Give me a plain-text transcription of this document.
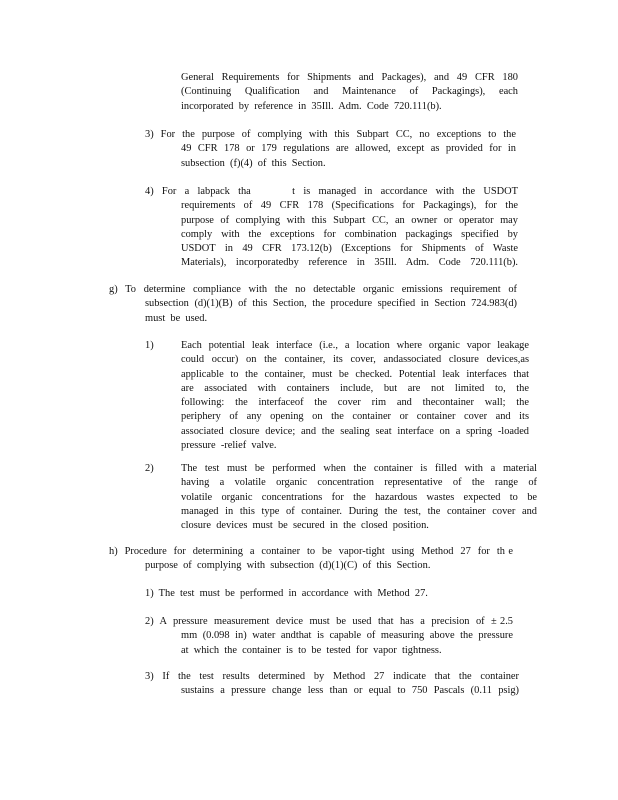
General  Requirements  for  Shipments  and  Packages),  and  49  CFR  180
(Continuing  Qualification  and  Maintenance  of  Packagings),  each
incorporated  by  reference  in  35Ill.  Adm.  Code  720.111(b).
3)  For  the  purpose  of  complying  with  this  Subpart  CC,  no  exceptions  to  the
49  CFR  178  or  179  regulations  are  allowed,  except  as  provided  for  in
subsection  (f)(4)  of  this  Section.
4)  For  a  labpack  tha          t  is  managed  in  accordance  with  the  USDOT
requirements  of  49  CFR  178  (Specifications  for  Packagings),  for  the
purpose  of  complying  with  this  Subpart  CC,  an  owner  or  operator  may
comply  with  the  exceptions  for  combination  packagings  specified  by
USDOT  in  49  CFR  173.12(b)  (Exceptions  for  Shipments  of  Waste
Materials),  incorporatedby  reference  in  35Ill.  Adm.  Code  720.111(b).
g)  To  determine  compliance  with  the  no  detectable  organic  emissions  requirement  of
subsection  (d)(1)(B)  of  this  Section,  the  procedure  specified  in  Section  724.983(d)
must  be  used.
1)	Each  potential  leak  interface  (i.e.,  a  location  where  organic  vapor  leakage
could  occur)  on  the  container,  its  cover,  andassociated  closure  devices,as
applicable  to  the  container,  must  be  checked.  Potential  leak  interfaces  that
are  associated  with  containers  include,  but  are  not  limited  to,  the
following:  the  interfaceof  the  cover  rim  and  thecontainer  wall;  the
periphery  of  any  opening  on  the  container  or  container  cover  and  its
associated  closure  device;  and  the  sealing  seat  interface  on  a  spring  -loaded
pressure  -relief  valve.
2)	The  test  must  be  performed  when  the  container  is  filled  with  a  material
having  a  volatile  organic  concentration  representative  of  the  range  of
volatile  organic  concentrations  for  the  hazardous  wastes  expected  to  be
managed  in  this  type  of  container.  During  the  test,  the  container  cover  and
closure  devices  must  be  secured  in  the  closed  position.
h)  Procedure  for  determining  a  container  to  be  vapor-tight  using  Method  27  for  th e
purpose  of  complying  with  subsection  (d)(1)(C)  of  this  Section.
1)  The  test  must  be  performed  in  accordance  with  Method  27.
2)  A  pressure  measurement  device  must  be  used  that  has  a  precision  of  ± 2.5
mm  (0.098  in)  water  andthat  is  capable  of  measuring  above  the  pressure
at  which  the  container  is  to  be  tested  for  vapor  tightness.
3)  If  the  test  results  determined  by  Method  27  indicate  that  the  container
sustains  a  pressure  change  less  than  or  equal  to  750  Pascals  (0.11  psig)
